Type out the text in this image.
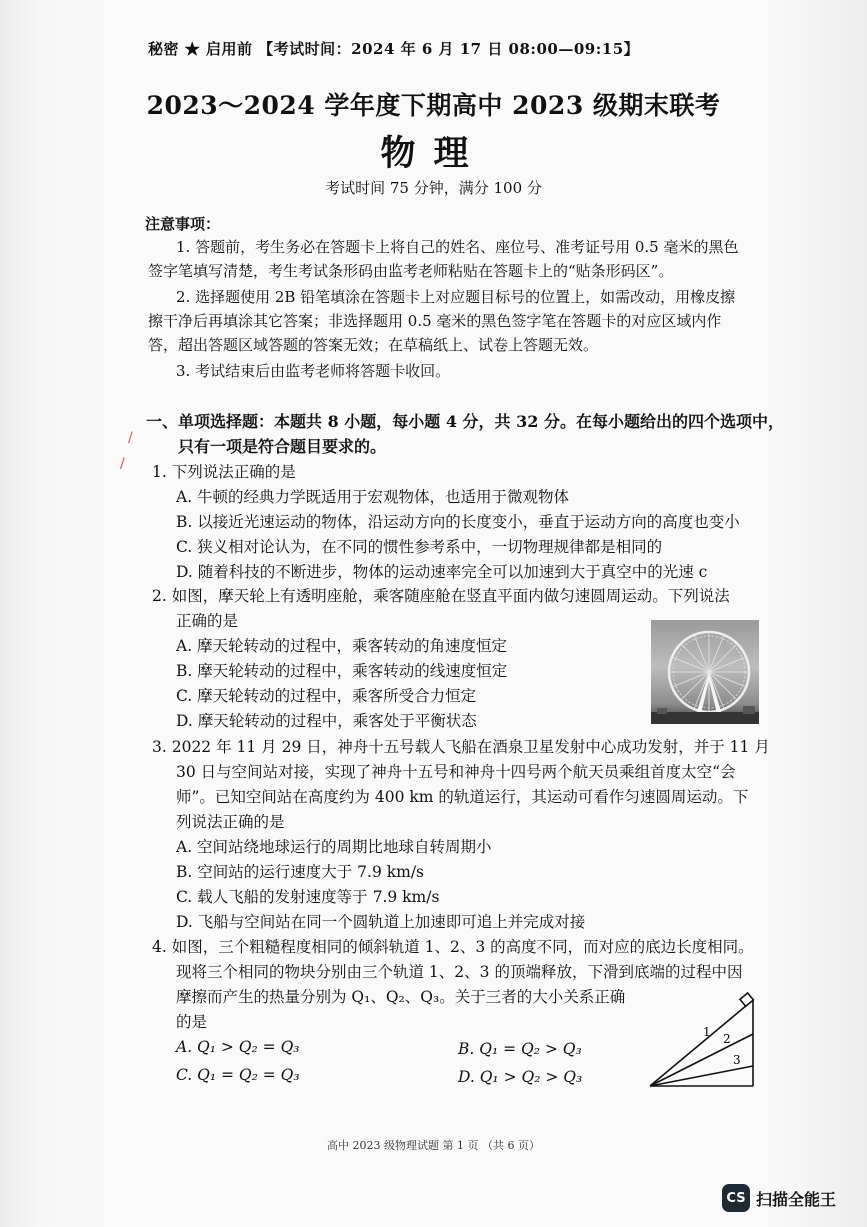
秘密 ★ 启用前 【考试时间：2024 年 6 月 17 日 08:00—09:15】
2023～2024 学年度下期高中 2023 级期末联考
物理
考试时间 75 分钟，满分 100 分
注意事项：
1. 答题前，考生务必在答题卡上将自己的姓名、座位号、准考证号用 0.5 毫米的黑色
签字笔填写清楚，考生考试条形码由监考老师粘贴在答题卡上的“贴条形码区”。
2. 选择题使用 2B 铅笔填涂在答题卡上对应题目标号的位置上，如需改动，用橡皮擦
擦干净后再填涂其它答案；非选择题用 0.5 毫米的黑色签字笔在答题卡的对应区域内作
答，超出答题区域答题的答案无效；在草稿纸上、试卷上答题无效。
3. 考试结束后由监考老师将答题卡收回。
一、单项选择题：本题共 8 小题，每小题 4 分，共 32 分。在每小题给出的四个选项中，
只有一项是符合题目要求的。
1. 下列说法正确的是
A. 牛顿的经典力学既适用于宏观物体，也适用于微观物体
B. 以接近光速运动的物体，沿运动方向的长度变小，垂直于运动方向的高度也变小
C. 狭义相对论认为，在不同的惯性参考系中，一切物理规律都是相同的
D. 随着科技的不断进步，物体的运动速率完全可以加速到大于真空中的光速 c
2. 如图，摩天轮上有透明座舱，乘客随座舱在竖直平面内做匀速圆周运动。下列说法
正确的是
A. 摩天轮转动的过程中，乘客转动的角速度恒定
B. 摩天轮转动的过程中，乘客转动的线速度恒定
C. 摩天轮转动的过程中，乘客所受合力恒定
D. 摩天轮转动的过程中，乘客处于平衡状态
3. 2022 年 11 月 29 日，神舟十五号载人飞船在酒泉卫星发射中心成功发射，并于 11 月
30 日与空间站对接，实现了神舟十五号和神舟十四号两个航天员乘组首度太空“会
师”。已知空间站在高度约为 400 km 的轨道运行，其运动可看作匀速圆周运动。下
列说法正确的是
A. 空间站绕地球运行的周期比地球自转周期小
B. 空间站的运行速度大于 7.9 km/s
C. 载人飞船的发射速度等于 7.9 km/s
D. 飞船与空间站在同一个圆轨道上加速即可追上并完成对接
4. 如图，三个粗糙程度相同的倾斜轨道 1、2、3 的高度不同，而对应的底边长度相同。
现将三个相同的物块分别由三个轨道 1、2、3 的顶端释放，下滑到底端的过程中因
摩擦而产生的热量分别为 Q₁、Q₂、Q₃。关于三者的大小关系正确
的是
A. Q₁ > Q₂ = Q₃	B. Q₁ = Q₂ > Q₃
C. Q₁ = Q₂ = Q₃	D. Q₁ > Q₂ > Q₃
1 2
3
高中 2023 级物理试题 第 1 页 （共 6 页）
/
/
CS 扫描全能王
